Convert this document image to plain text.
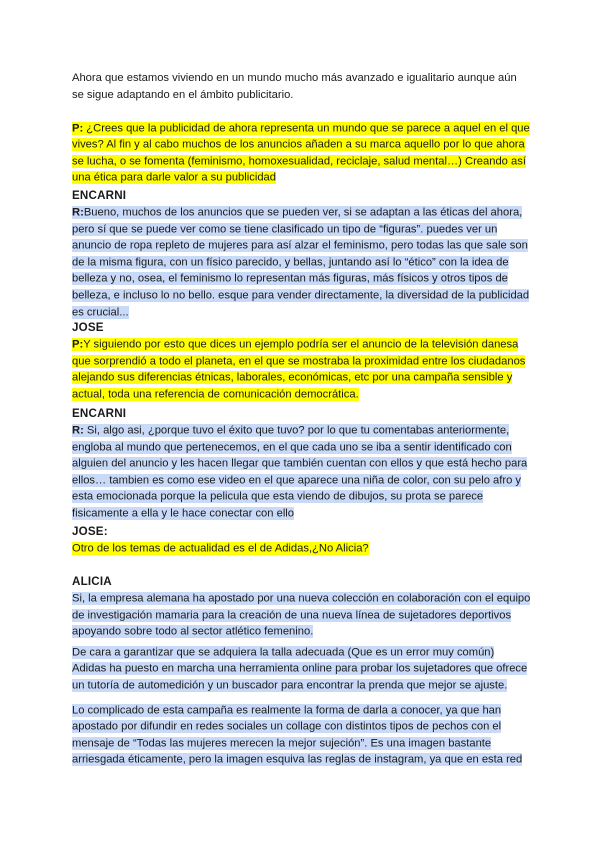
Ahora que estamos viviendo en un mundo mucho más avanzado e igualitario aunque aún
se sigue adaptando en el ámbito publicitario.
P: ¿Crees que la publicidad de ahora representa un mundo que se parece a aquel en el que
vives? Al fin y al cabo muchos de los anuncios añaden a su marca aquello por lo que ahora
se lucha, o se fomenta (feminismo, homoxesualidad, reciclaje, salud mental…) Creando así
una ética para darle valor a su publicidad
ENCARNI
R:Bueno, muchos de los anuncios que se pueden ver, si se adaptan a las éticas del ahora,
pero sí que se puede ver como se tiene clasificado un tipo de “figuras”. puedes ver un
anuncio de ropa repleto de mujeres para así alzar el feminismo, pero todas las que sale son
de la misma figura, con un físico parecido, y bellas, juntando así lo “ético” con la idea de
belleza y no, osea, el feminismo lo representan más figuras, más físicos y otros tipos de
belleza, e incluso lo no bello. esque para vender directamente, la diversidad de la publicidad
es crucial...
JOSE
P:Y siguiendo por esto que dices un ejemplo podría ser el anuncio de la televisión danesa
que sorprendió a todo el planeta, en el que se mostraba la proximidad entre los ciudadanos
alejando sus diferencias étnicas, laborales, económicas, etc por una campaña sensible y
actual, toda una referencia de comunicación democrática.
ENCARNI
R: Si, algo asi, ¿porque tuvo el éxito que tuvo? por lo que tu comentabas anteriormente,
engloba al mundo que pertenecemos, en el que cada uno se iba a sentir identificado con
alguien del anuncio y les hacen llegar que también cuentan con ellos y que está hecho para
ellos… tambien es como ese video en el que aparece una niña de color, con su pelo afro y
esta emocionada porque la pelicula que esta viendo de dibujos, su prota se parece
fisicamente a ella y le hace conectar con ello
JOSE:
Otro de los temas de actualidad es el de Adidas,¿No Alicia?
ALICIA
Si, la empresa alemana ha apostado por una nueva colección en colaboración con el equipo
de investigación mamaria para la creación de una nueva línea de sujetadores deportivos
apoyando sobre todo al sector atlético femenino.
De cara a garantizar que se adquiera la talla adecuada (Que es un error muy común)
Adidas ha puesto en marcha una herramienta online para probar los sujetadores que ofrece
un tutoría de automedición y un buscador para encontrar la prenda que mejor se ajuste.
Lo complicado de esta campaña es realmente la forma de darla a conocer, ya que han
apostado por difundir en redes sociales un collage con distintos tipos de pechos con el
mensaje de “Todas las mujeres merecen la mejor sujeción”. Es una imagen bastante
arriesgada éticamente, pero la imagen esquiva las reglas de instagram, ya que en esta red
